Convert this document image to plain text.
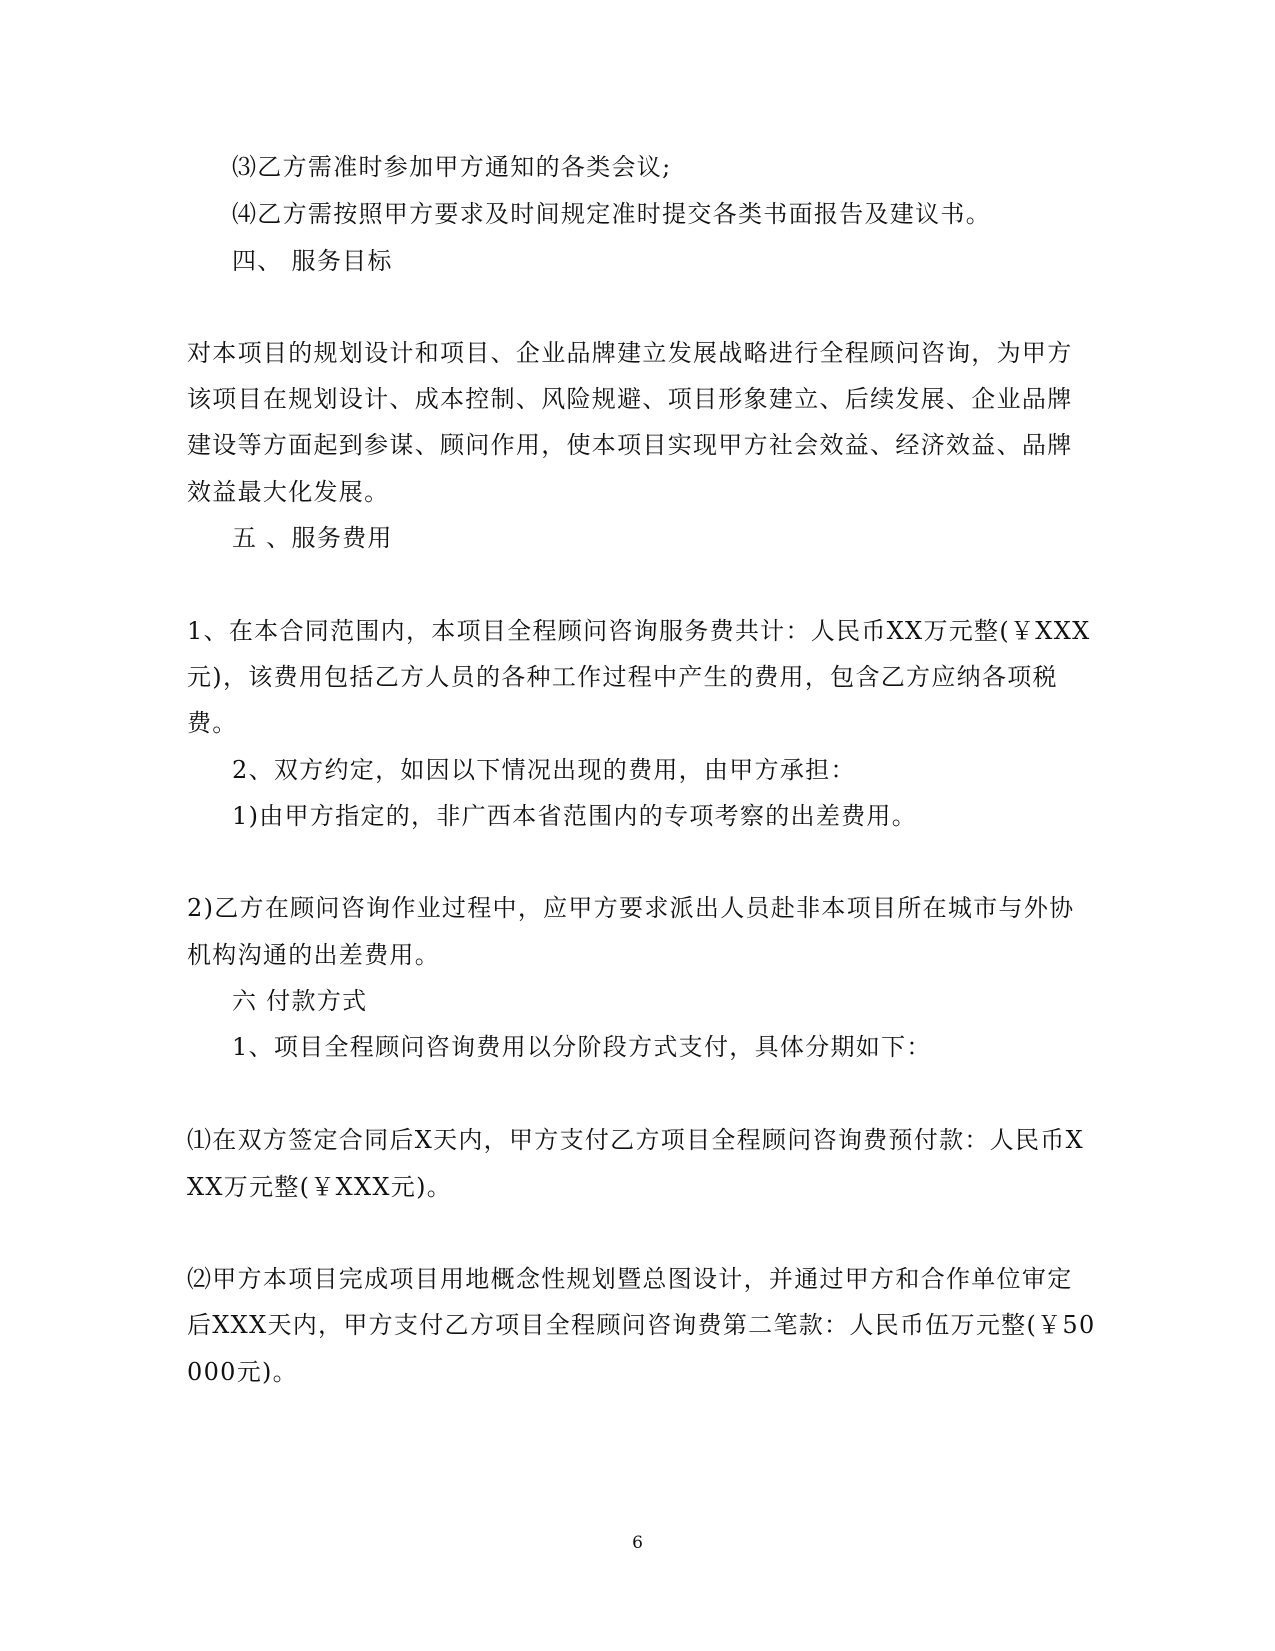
⑶乙方需准时参加甲方通知的各类会议;
⑷乙方需按照甲方要求及时间规定准时提交各类书面报告及建议书。
四、 服务目标
对本项目的规划设计和项目、企业品牌建立发展战略进行全程顾问咨询，为甲方
该项目在规划设计、成本控制、风险规避、项目形象建立、后续发展、企业品牌
建设等方面起到参谋、顾问作用，使本项目实现甲方社会效益、经济效益、品牌
效益最大化发展。
五 、服务费用
1、在本合同范围内，本项目全程顾问咨询服务费共计：人民币XX万元整(￥XXX
元)，该费用包括乙方人员的各种工作过程中产生的费用，包含乙方应纳各项税
费。
2、双方约定，如因以下情况出现的费用，由甲方承担：
1)由甲方指定的，非广西本省范围内的专项考察的出差费用。
2)乙方在顾问咨询作业过程中，应甲方要求派出人员赴非本项目所在城市与外协
机构沟通的出差费用。
六 付款方式
1、项目全程顾问咨询费用以分阶段方式支付，具体分期如下：
⑴在双方签定合同后X天内，甲方支付乙方项目全程顾问咨询费预付款：人民币X
XX万元整(￥XXX元)。
⑵甲方本项目完成项目用地概念性规划暨总图设计，并通过甲方和合作单位审定
后XXX天内，甲方支付乙方项目全程顾问咨询费第二笔款：人民币伍万元整(￥50
000元)。
6
